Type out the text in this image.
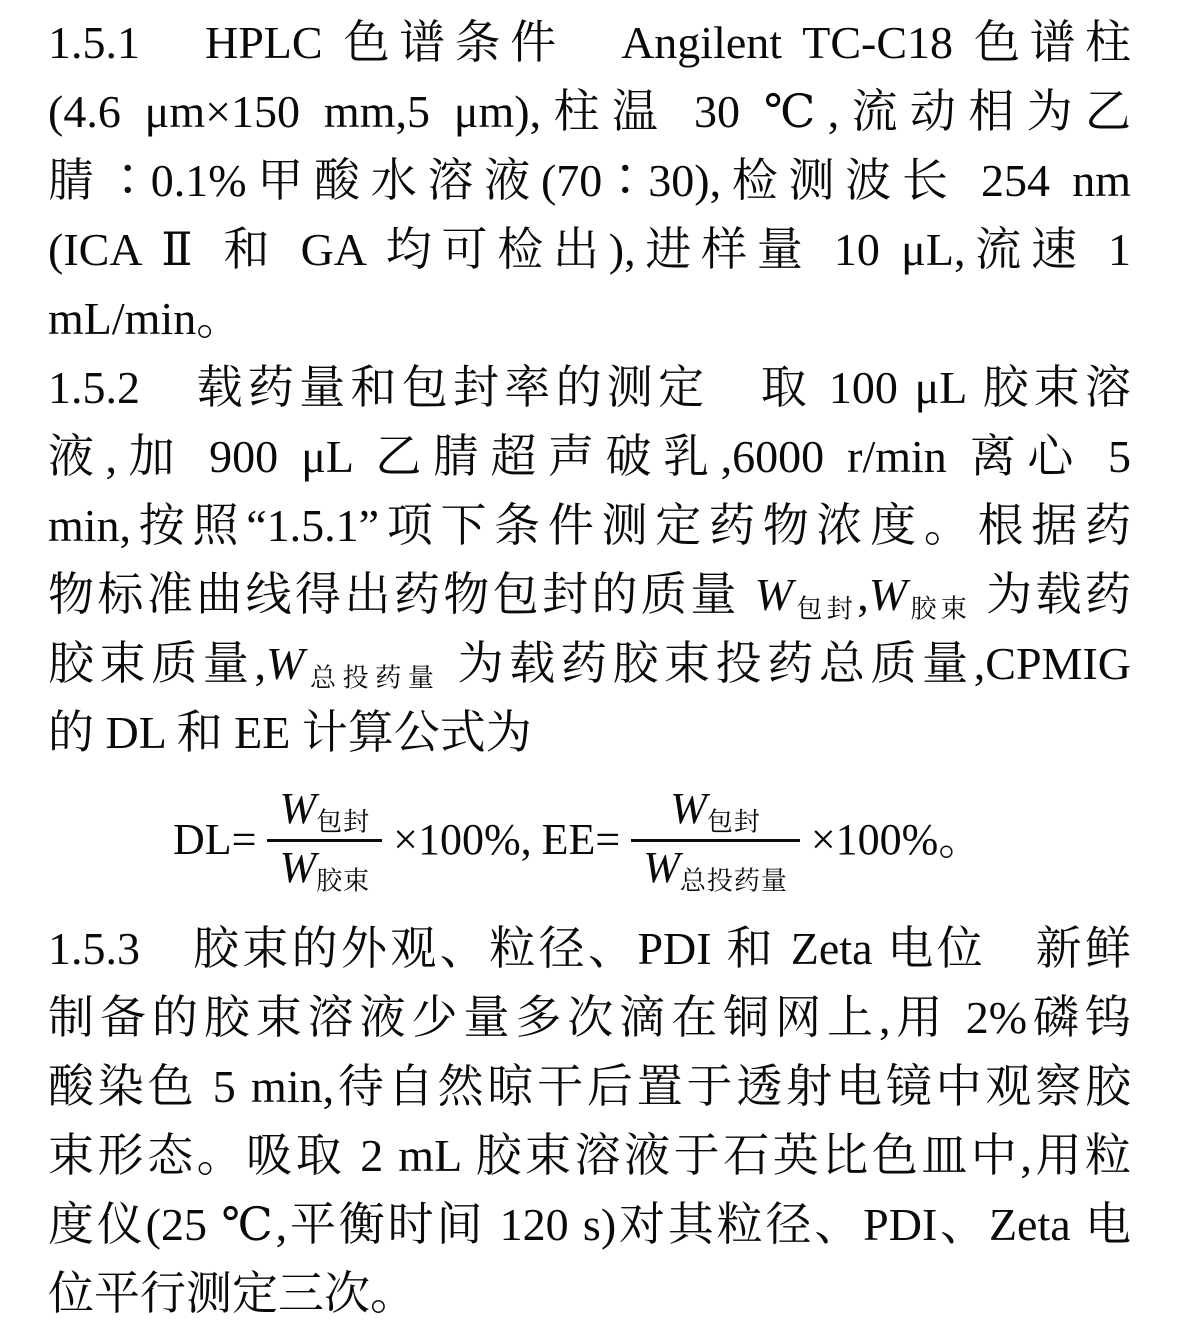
1.5.1　 HPLC 色谱条件　 Angilent TC-C18 色谱柱
(4.6 μm×150 mm,5 μm),柱温 30 ℃,流动相为乙
腈∶0.1%甲酸水溶液(70∶30),检测波长 254 nm
(ICA Ⅱ 和 GA 均可检出),进样量 10 μL,流速 1
mL/min。
1.5.2　 载药量和包封率的测定　 取 100 μL 胶束溶
液,加 900 μL 乙腈超声破乳,6000 r/min 离心 5
min,按照“1.5.1”项下条件测定药物浓度。根据药
物标准曲线得出药物包封的质量 $W_{包封},W_{胶束}$ 为载药
胶束质量$,W_{总投药量}$ 为载药胶束投药总质量,CPMIG
的 DL 和 EE 计算公式为
$DL= \frac{W_{包封}}{W_{胶束}} \times 100\%$, $EE= \frac{W_{包封}}{W_{总投药量}} \times 100\%$。
1.5.3　 胶束的外观、粒径、PDI 和 Zeta 电位　 新鲜
制备的胶束溶液少量多次滴在铜网上,用 2%磷钨
酸染色 5 min,待自然晾干后置于透射电镜中观察胶
束形态。吸取 2 mL 胶束溶液于石英比色皿中,用粒
度仪(25 ℃,平衡时间 120 s)对其粒径、PDI、Zeta 电
位平行测定三次。
